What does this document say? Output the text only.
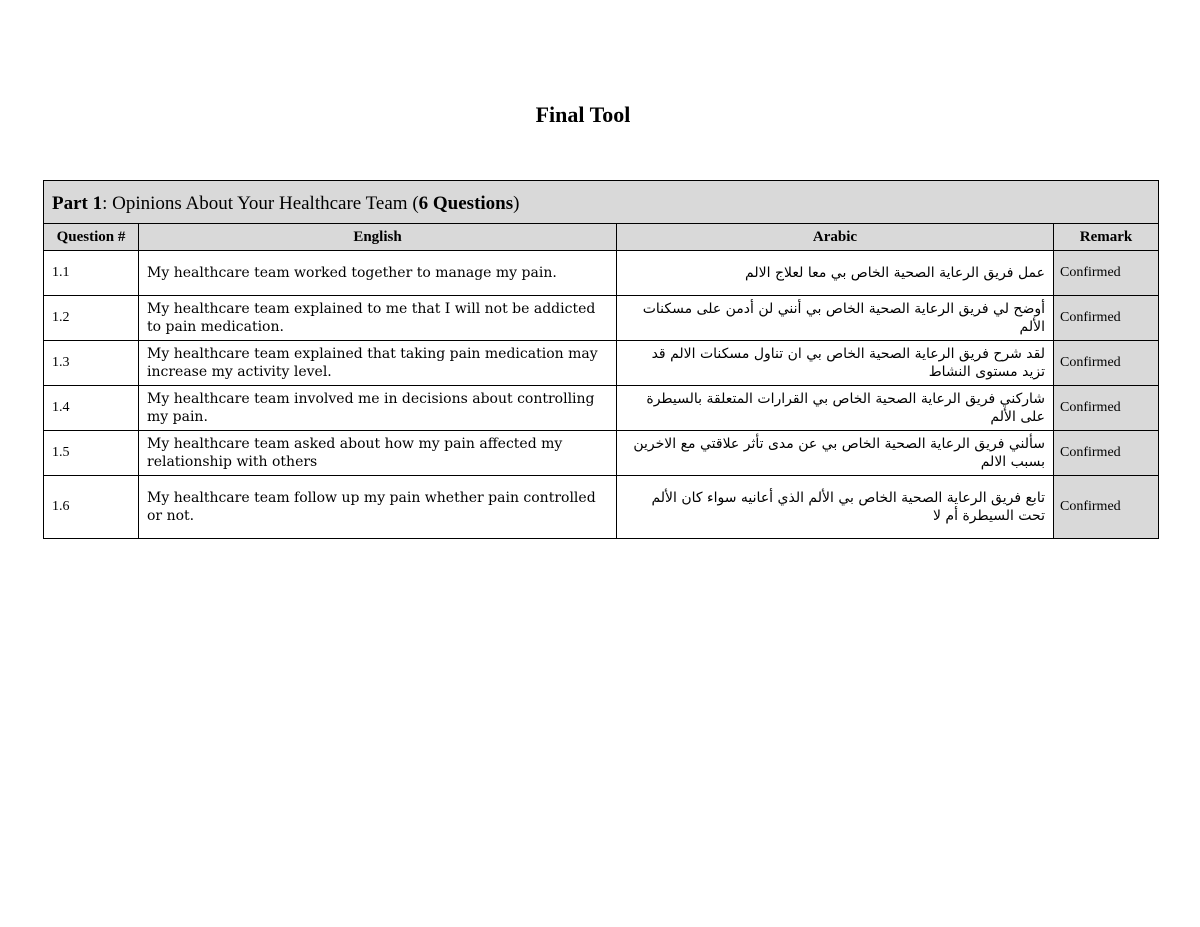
Final Tool
Part 1: Opinions About Your Healthcare Team (6 Questions)			
Question #	English	Arabic	Remark
1.1	My healthcare team worked together to manage my pain.	عمل فريق الرعاية الصحية الخاص بي معا لعلاج الالم	Confirmed
1.2	My healthcare team explained to me that I will not be addicted to pain medication.	أوضح لي فريق الرعاية الصحية الخاص بي أنني لن أدمن على مسكنات الألم	Confirmed
1.3	My healthcare team explained that taking pain medication may increase my activity level.	لقد شرح فريق الرعاية الصحية الخاص بي ان تناول مسكنات الالم قد تزيد مستوى النشاط	Confirmed
1.4	My healthcare team involved me in decisions about controlling my pain.	شاركني فريق الرعاية الصحية الخاص بي القرارات المتعلقة بالسيطرة على الألم	Confirmed
1.5	My healthcare team asked about how my pain affected my relationship with others	سألني فريق الرعاية الصحية الخاص بي عن مدى تأثر علاقتي مع الاخرين بسبب الالم	Confirmed
1.6	My healthcare team follow up my pain whether pain controlled or not.	تابع فريق الرعاية الصحية الخاص بي الألم الذي أعانيه سواء كان الألم تحت السيطرة أم لا	Confirmed
